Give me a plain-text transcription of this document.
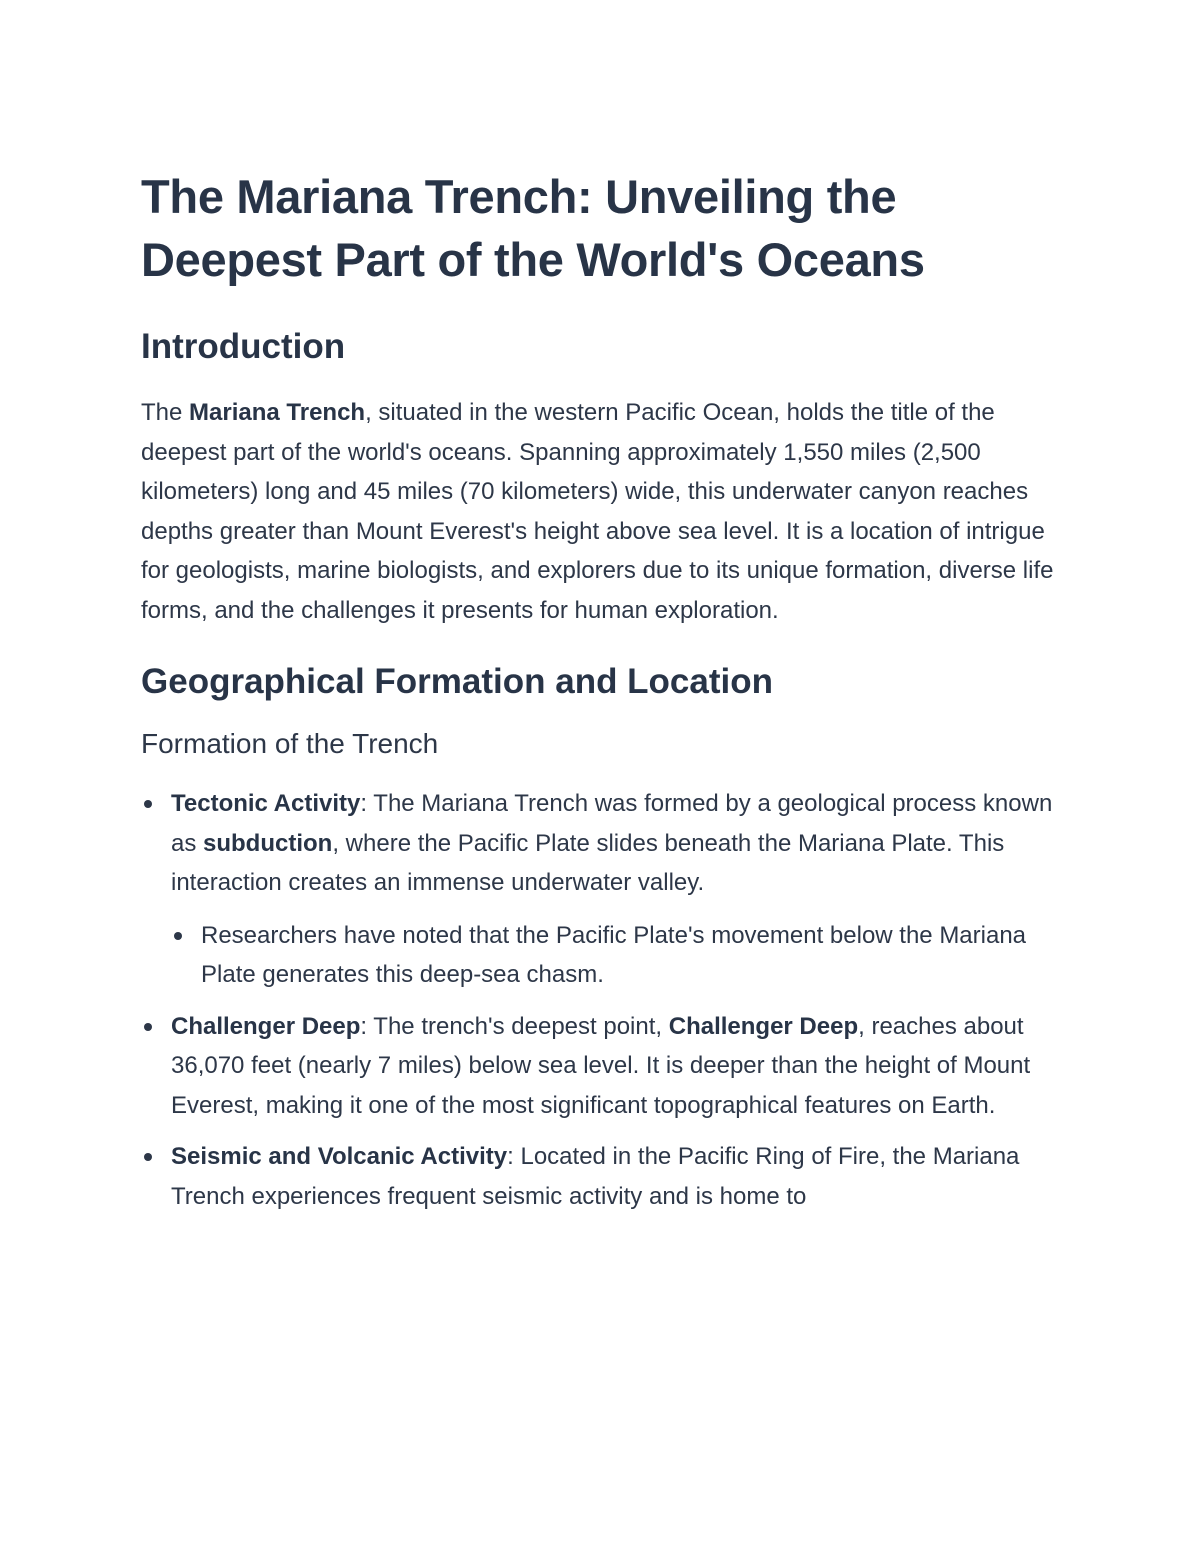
The Mariana Trench: Unveiling the Deepest Part of the World's Oceans
Introduction

The Mariana Trench, situated in the western Pacific Ocean, holds the title of the deepest part of the world's oceans. Spanning approximately 1,550 miles (2,500 kilometers) long and 45 miles (70 kilometers) wide, this underwater canyon reaches depths greater than Mount Everest's height above sea level. It is a location of intrigue for geologists, marine biologists, and explorers due to its unique formation, diverse life forms, and the challenges it presents for human exploration.

Geographical Formation and Location
Formation of the Trench
Tectonic Activity: The Mariana Trench was formed by a geological process known as subduction, where the Pacific Plate slides beneath the Mariana Plate. This interaction creates an immense underwater valley.
Researchers have noted that the Pacific Plate's movement below the Mariana Plate generates this deep-sea chasm.
Challenger Deep: The trench's deepest point, Challenger Deep, reaches about 36,070 feet (nearly 7 miles) below sea level. It is deeper than the height of Mount Everest, making it one of the most significant topographical features on Earth.
Seismic and Volcanic Activity: Located in the Pacific Ring of Fire, the Mariana Trench experiences frequent seismic activity and is home to
